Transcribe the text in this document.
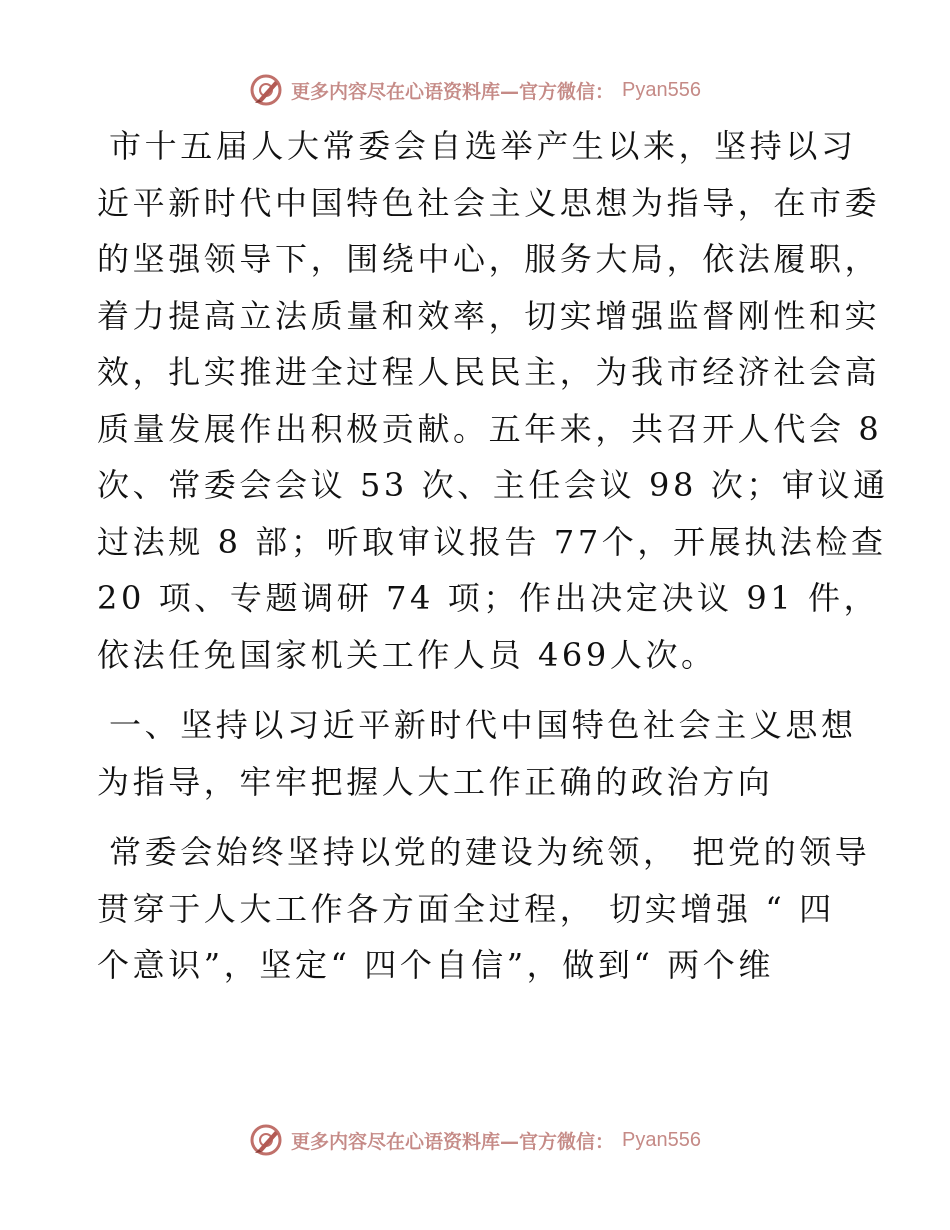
更多内容尽在心语资料库—官方微信： Pyan556
市十五届人大常委会自选举产生以来，坚持以习
近平新时代中国特色社会主义思想为指导，在市委
的坚强领导下，围绕中心，服务大局，依法履职，
着力提高立法质量和效率，切实增强监督刚性和实
效，扎实推进全过程人民民主，为我市经济社会高
质量发展作出积极贡献。五年来，共召开人代会 8
次、常委会会议 53 次、主任会议 98 次；审议通
过法规 8 部；听取审议报告 77个，开展执法检查
20 项、专题调研 74 项；作出决定决议 91 件，
依法任免国家机关工作人员 469人次。
一、坚持以习近平新时代中国特色社会主义思想
为指导，牢牢把握人大工作正确的政治方向
常委会始终坚持以党的建设为统领， 把党的领导
贯穿于人大工作各方面全过程， 切实增强 “ 四
个意识”，坚定“ 四个自信”，做到“ 两个维
更多内容尽在心语资料库—官方微信： Pyan556
